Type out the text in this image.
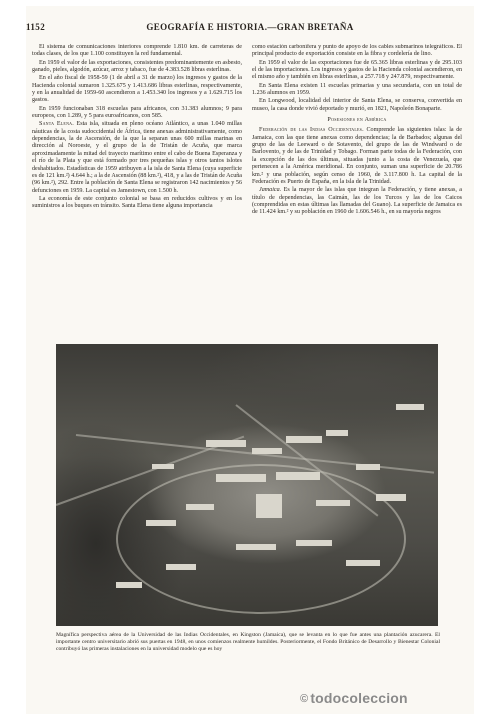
1152	GEOGRAFÍA E HISTORIA.—GRAN BRETAÑA

El sistema de comunicaciones interiores comprende 1.810 km. de carreteras de todas clases, de los que 1.100 constituyen la red fundamental.

En 1959 el valor de las exportaciones, consistentes predominantemente en asbesto, ganado, pieles, algodón, azúcar, arroz y tabaco, fue de 4.383.528 libras esterlinas.

En el año fiscal de 1958-59 (1 de abril a 31 de marzo) los ingresos y gastos de la Hacienda colonial sumaron 1.325.675 y 1.413.686 libras esterlinas, respectivamente, y en la anualidad de 1959-60 ascendieron a 1.453.340 los ingresos y a 1.629.715 los gastos.

En 1959 funcionaban 318 escuelas para africanos, con 31.383 alumnos; 9 para europeos, con 1.289, y 5 para euroafricanos, con 585.

Santa Elena. Esta isla, situada en pleno océano Atlántico, a unas 1.040 millas náuticas de la costa sudoccidental de África, tiene anexas administrativamente, como dependencias, la de Ascensión, de la que la separan unas 600 millas marinas en dirección al Noroeste, y el grupo de la de Tristán de Acuña, que marca aproximadamente la mitad del trayecto marítimo entre el cabo de Buena Esperanza y el río de la Plata y que está formado por tres pequeñas islas y otros tantos islotes deshabitados. Estadísticas de 1959 atribuyen a la isla de Santa Elena (cuya superficie es de 121 km.²) 4.644 h.; a la de Ascensión (88 km.²), 418, y a las de Tristán de Acuña (96 km.²), 292. Entre la población de Santa Elena se registraron 142 nacimientos y 56 defunciones en 1959. La capital es Jamestown, con 1.500 h.

La economía de este conjunto colonial se basa en reducidos cultivos y en los suministros a los buques en tránsito. Santa Elena tiene alguna importancia

como estación carbonífera y punto de apoyo de los cables submarinos telegráficos. El principal producto de exportación consiste en la fibra y cordelería de lino.

En 1959 el valor de las exportaciones fue de 65.365 libras esterlinas y de 295.103 el de las importaciones. Los ingresos y gastos de la Hacienda colonial ascendieron, en el mismo año y también en libras esterlinas, a 257.718 y 247.879, respectivamente.

En Santa Elena existen 11 escuelas primarias y una secundaria, con un total de 1.236 alumnos en 1959.

En Longwood, localidad del interior de Santa Elena, se conserva, convertida en museo, la casa donde vivió deportado y murió, en 1821, Napoleón Bonaparte.

Posesiones en América

Federación de las Indias Occidentales. Comprende las siguientes islas: la de Jamaica, con las que tiene anexas como dependencias; la de Barbados; algunas del grupo de las de Leeward o de Sotavento, del grupo de las de Windward o de Barlovento, y de las de Trinidad y Tobago. Forman parte todas de la Federación, con la excepción de las dos últimas, situadas junto a la costa de Venezuela, que pertenecen a la América meridional. En conjunto, suman una superficie de 20.786 km.² y una población, según censo de 1960, de 3.117.800 h. La capital de la Federación es Puerto de España, en la isla de la Trinidad.

Jamaica. Es la mayor de las islas que integran la Federación, y tiene anexas, a título de dependencias, las Caimán, las de los Turcos y las de los Caicos (comprendidas en estas últimas las llamadas del Guano). La superficie de Jamaica es de 11.424 km.² y su población en 1960 de 1.606.546 h., en su mayoría negros

Magnífica perspectiva aérea de la Universidad de las Indias Occidentales, en Kingston (Jamaica), que se levanta en lo que fue antes una plantación azucarera. El importante centro universitario abrió sus puertas en 1948, en unos comienzos realmente humildes. Posteriormente, el Fondo Británico de Desarrollo y Bienestar Colonial contribuyó las primeras instalaciones en la universidad modelo que es hoy
© todocoleccion
